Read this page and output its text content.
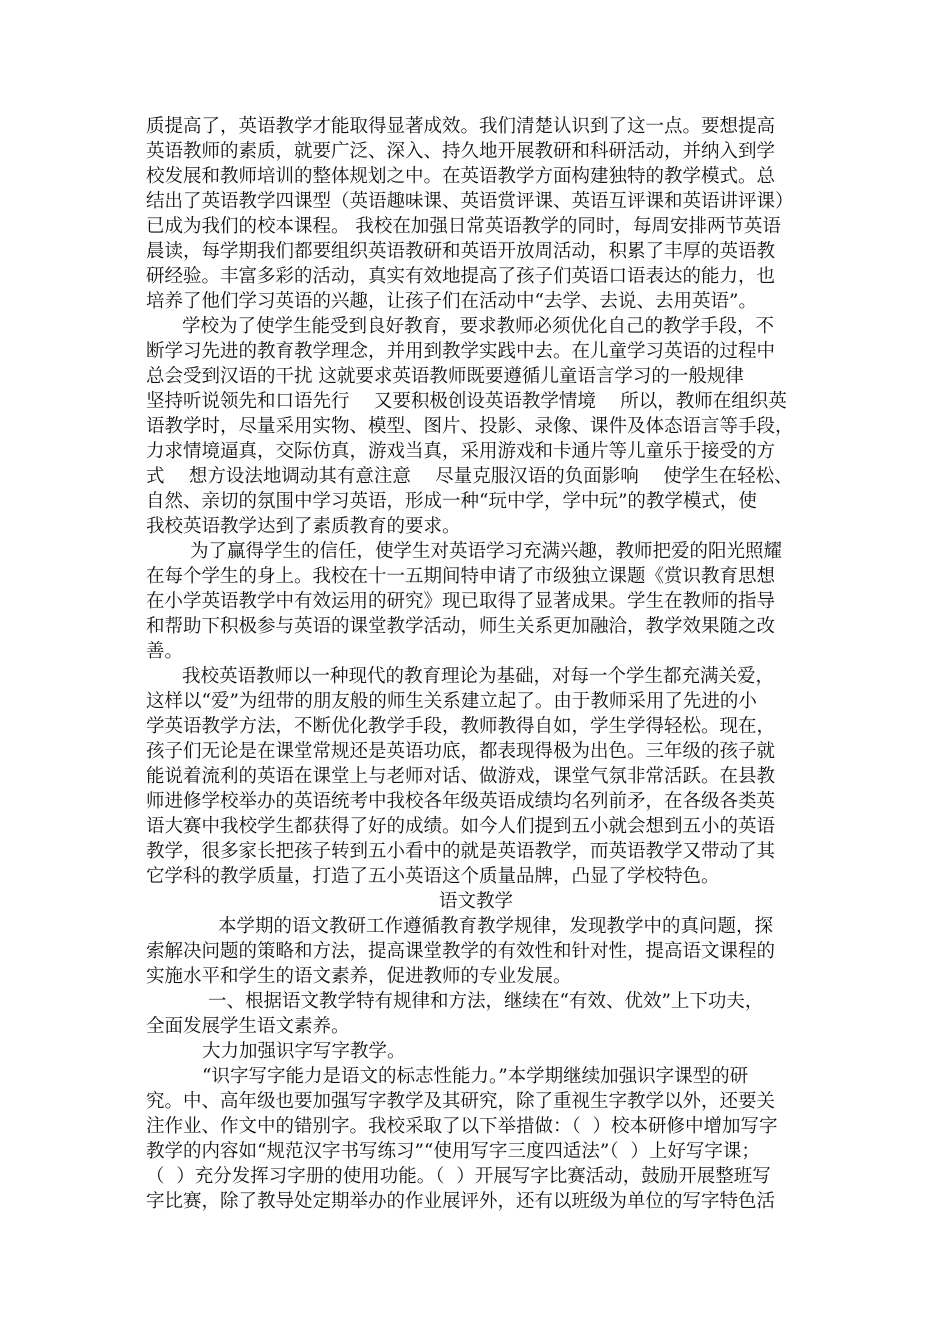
质提高了，英语教学才能取得显著成效。我们清楚认识到了这一点。要想提高
英语教师的素质，就要广泛、深入、持久地开展教研和科研活动，并纳入到学
校发展和教师培训的整体规划之中。在英语教学方面构建独特的教学模式。总
结出了英语教学四课型（英语趣味课、英语赏评课、英语互评课和英语讲评课）
已成为我们的校本课程。 我校在加强日常英语教学的同时，每周安排两节英语
晨读，每学期我们都要组织英语教研和英语开放周活动，积累了丰厚的英语教
研经验。丰富多彩的活动，真实有效地提高了孩子们英语口语表达的能力，也
培养了他们学习英语的兴趣，让孩子们在活动中“去学、去说、去用英语”。
学校为了使学生能受到良好教育，要求教师必须优化自己的教学手段，不
断学习先进的教育教学理念，并用到教学实践中去。在儿童学习英语的过程中
总会受到汉语的干扰 这就要求英语教师既要遵循儿童语言学习的一般规律
坚持听说领先和口语先行　 又要积极创设英语教学情境　 所以，教师在组织英
语教学时，尽量采用实物、模型、图片、投影、录像、课件及体态语言等手段，
力求情境逼真，交际仿真，游戏当真，采用游戏和卡通片等儿童乐于接受的方
式　 想方设法地调动其有意注意　 尽量克服汉语的负面影响　 使学生在轻松、
自然、亲切的氛围中学习英语，形成一种“玩中学，学中玩”的教学模式，使
我校英语教学达到了素质教育的要求。
为了赢得学生的信任，使学生对英语学习充满兴趣，教师把爱的阳光照耀
在每个学生的身上。我校在十一五期间特申请了市级独立课题《赏识教育思想
在小学英语教学中有效运用的研究》现已取得了显著成果。学生在教师的指导
和帮助下积极参与英语的课堂教学活动，师生关系更加融洽，教学效果随之改
善。
我校英语教师以一种现代的教育理论为基础，对每一个学生都充满关爱，
这样以“爱”为纽带的朋友般的师生关系建立起了。由于教师采用了先进的小
学英语教学方法，不断优化教学手段，教师教得自如，学生学得轻松。现在，
孩子们无论是在课堂常规还是英语功底，都表现得极为出色。三年级的孩子就
能说着流利的英语在课堂上与老师对话、做游戏，课堂气氛非常活跃。在县教
师进修学校举办的英语统考中我校各年级英语成绩均名列前矛，在各级各类英
语大赛中我校学生都获得了好的成绩。如今人们提到五小就会想到五小的英语
教学，很多家长把孩子转到五小看中的就是英语教学，而英语教学又带动了其
它学科的教学质量，打造了五小英语这个质量品牌，凸显了学校特色。
语文教学
本学期的语文教研工作遵循教育教学规律，发现教学中的真问题，探
索解决问题的策略和方法，提高课堂教学的有效性和针对性，提高语文课程的
实施水平和学生的语文素养，促进教师的专业发展。
一、根据语文教学特有规律和方法，继续在“有效、优效”上下功夫，
全面发展学生语文素养。
大力加强识字写字教学。
“识字写字能力是语文的标志性能力。”本学期继续加强识字课型的研
究。中、高年级也要加强写字教学及其研究，除了重视生字教学以外，还要关
注作业、作文中的错别字。我校采取了以下举措做：（  ）校本研修中增加写字
教学的内容如“规范汉字书写练习”“使用写字三度四适法”（  ）上好写字课；
（  ）充分发挥习字册的使用功能。（  ）开展写字比赛活动，鼓励开展整班写
字比赛，除了教导处定期举办的作业展评外，还有以班级为单位的写字特色活
